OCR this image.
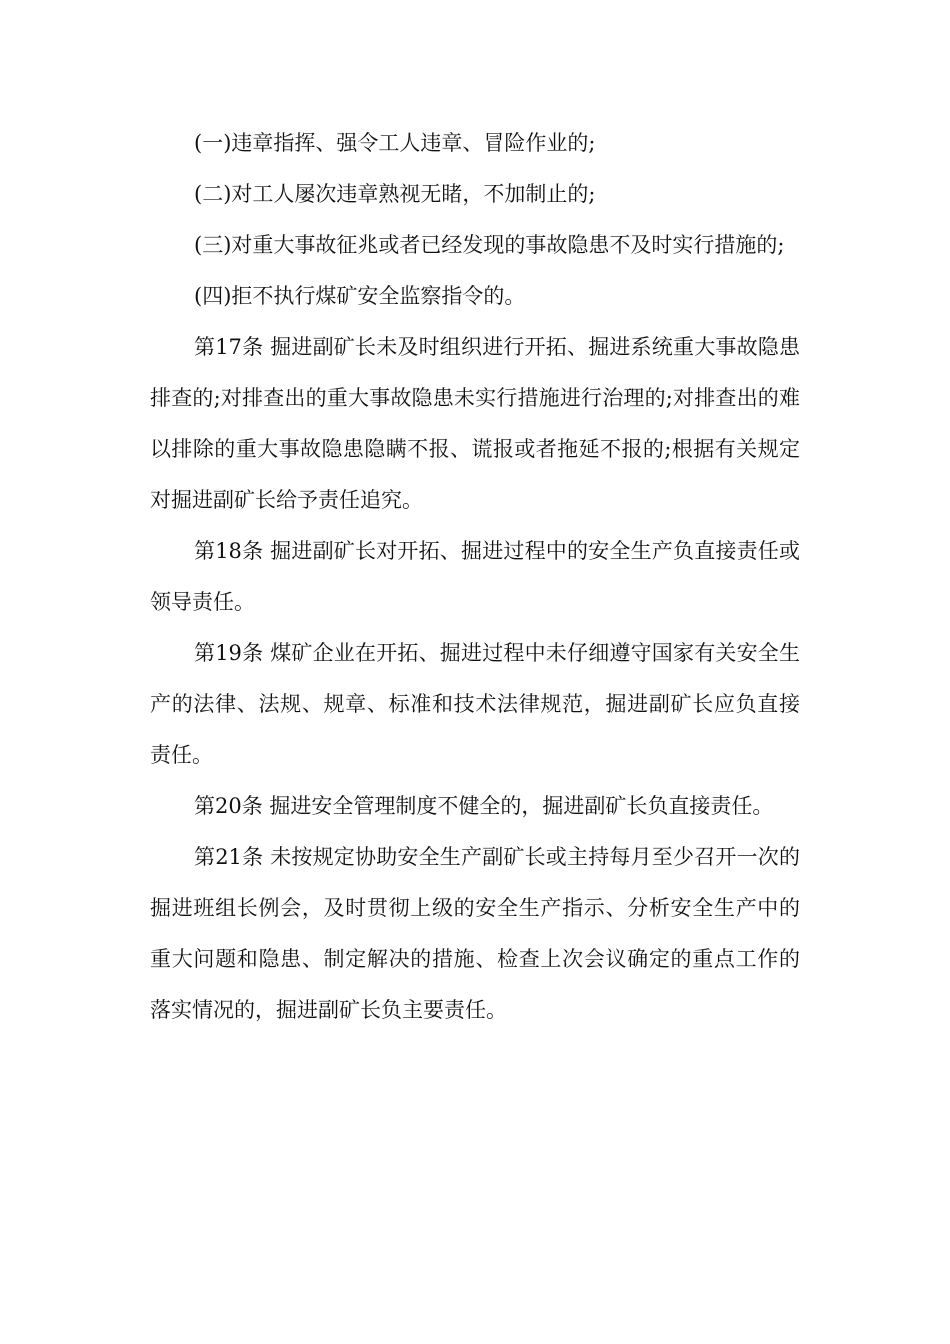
(一)违章指挥、强令工人违章、冒险作业的;

(二)对工人屡次违章熟视无睹，不加制止的;

(三)对重大事故征兆或者已经发现的事故隐患不及时实行措施的;

(四)拒不执行煤矿安全监察指令的。

第17条 掘进副矿长未及时组织进行开拓、掘进系统重大事故隐患排查的;对排查出的重大事故隐患未实行措施进行治理的;对排查出的难以排除的重大事故隐患隐瞒不报、谎报或者拖延不报的;根据有关规定对掘进副矿长给予责任追究。

第18条 掘进副矿长对开拓、掘进过程中的安全生产负直接责任或领导责任。

第19条 煤矿企业在开拓、掘进过程中未仔细遵守国家有关安全生产的法律、法规、规章、标准和技术法律规范，掘进副矿长应负直接责任。

第20条 掘进安全管理制度不健全的，掘进副矿长负直接责任。

第21条 未按规定协助安全生产副矿长或主持每月至少召开一次的掘进班组长例会，及时贯彻上级的安全生产指示、分析安全生产中的重大问题和隐患、制定解决的措施、检查上次会议确定的重点工作的落实情况的，掘进副矿长负主要责任。
